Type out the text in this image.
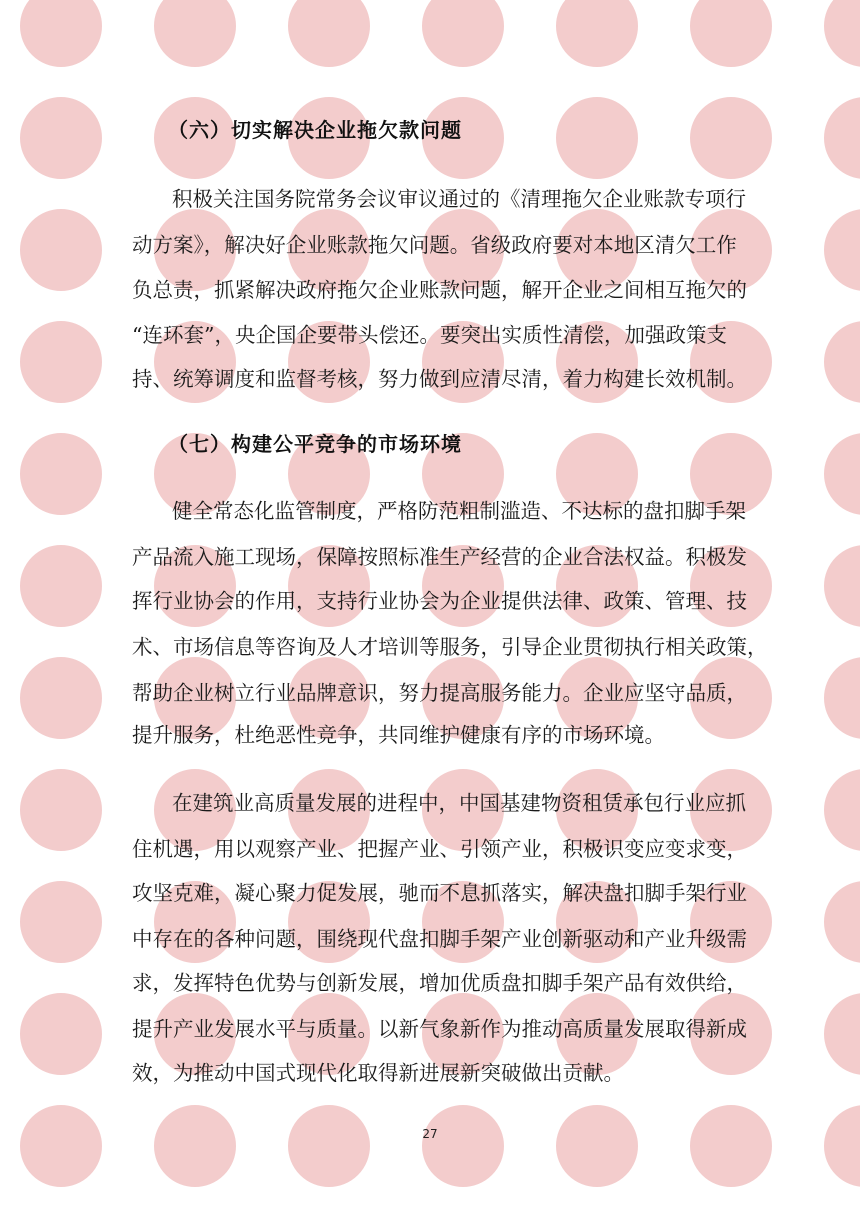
（六）切实解决企业拖欠款问题
积极关注国务院常务会议审议通过的《清理拖欠企业账款专项行
动方案》，解决好企业账款拖欠问题。省级政府要对本地区清欠工作
负总责，抓紧解决政府拖欠企业账款问题，解开企业之间相互拖欠的
“连环套”，央企国企要带头偿还。要突出实质性清偿，加强政策支
持、统筹调度和监督考核，努力做到应清尽清，着力构建长效机制。
（七）构建公平竞争的市场环境
健全常态化监管制度，严格防范粗制滥造、不达标的盘扣脚手架
产品流入施工现场，保障按照标准生产经营的企业合法权益。积极发
挥行业协会的作用，支持行业协会为企业提供法律、政策、管理、技
术、市场信息等咨询及人才培训等服务，引导企业贯彻执行相关政策，
帮助企业树立行业品牌意识，努力提高服务能力。企业应坚守品质，
提升服务，杜绝恶性竞争，共同维护健康有序的市场环境。
在建筑业高质量发展的进程中，中国基建物资租赁承包行业应抓
住机遇，用以观察产业、把握产业、引领产业，积极识变应变求变，
攻坚克难，凝心聚力促发展，驰而不息抓落实，解决盘扣脚手架行业
中存在的各种问题，围绕现代盘扣脚手架产业创新驱动和产业升级需
求，发挥特色优势与创新发展，增加优质盘扣脚手架产品有效供给，
提升产业发展水平与质量。以新气象新作为推动高质量发展取得新成
效，为推动中国式现代化取得新进展新突破做出贡献。
27
